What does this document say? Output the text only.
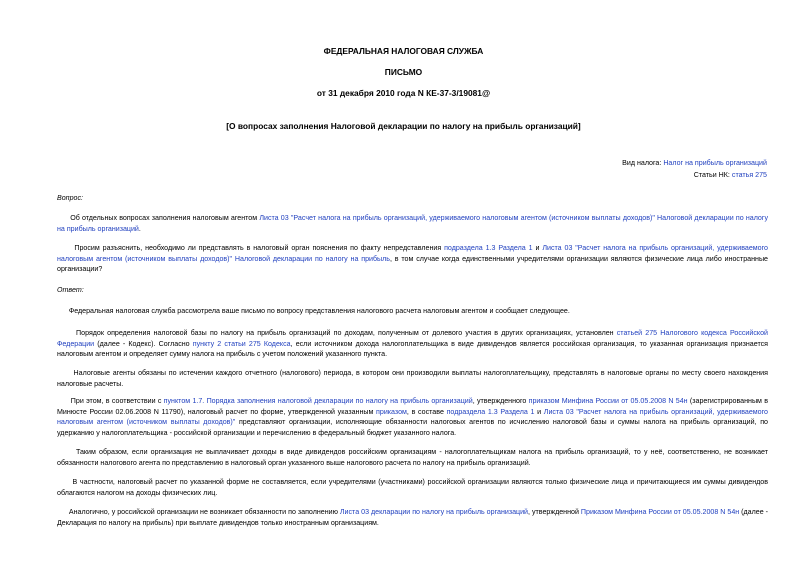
ФЕДЕРАЛЬНАЯ НАЛОГОВАЯ СЛУЖБА
ПИСЬМО
от 31 декабря 2010 года N КЕ-37-3/19081@
[О вопросах заполнения Налоговой декларации по налогу на прибыль организаций]
Вид налога: Налог на прибыль организаций
Статьи НК: статья 275
Вопрос:
Об отдельных вопросах заполнения налоговым агентом Листа 03 "Расчет налога на прибыль организаций, удерживаемого налоговым агентом (источником выплаты доходов)" Налоговой декларации по налогу на прибыль организаций.
Просим разъяснить, необходимо ли представлять в налоговый орган пояснения по факту непредставления подраздела 1.3 Раздела 1 и Листа 03 "Расчет налога на прибыль организаций, удерживаемого налоговым агентом (источником выплаты доходов)" Налоговой декларации по налогу на прибыль, в том случае когда единственными учредителями организации являются физические лица либо иностранные организации?
Ответ:
Федеральная налоговая служба рассмотрела ваше письмо по вопросу представления налогового расчета налоговым агентом и сообщает следующее.
Порядок определения налоговой базы по налогу на прибыль организаций по доходам, полученным от долевого участия в других организациях, установлен статьей 275 Налогового кодекса Российской Федерации (далее - Кодекс). Согласно пункту 2 статьи 275 Кодекса, если источником дохода налогоплательщика в виде дивидендов является российская организация, то указанная организация признается налоговым агентом и определяет сумму налога на прибыль с учетом положений указанного пункта.
Налоговые агенты обязаны по истечении каждого отчетного (налогового) периода, в котором они производили выплаты налогоплательщику, представлять в налоговые органы по месту своего нахождения налоговые расчеты.
При этом, в соответствии с пунктом 1.7. Порядка заполнения налоговой декларации по налогу на прибыль организаций, утвержденного приказом Минфина России от 05.05.2008 N 54н (зарегистрированным в Минюсте России 02.06.2008 N 11790), налоговый расчет по форме, утвержденной указанным приказом, в составе подраздела 1.3 Раздела 1 и Листа 03 "Расчет налога на прибыль организаций, удерживаемого налоговым агентом (источником выплаты доходов)" представляют организации, исполняющие обязанности налоговых агентов по исчислению налоговой базы и суммы налога на прибыль организаций, по удержанию у налогоплательщика - российской организации и перечислению в федеральный бюджет указанного налога.
Таким образом, если организация не выплачивает доходы в виде дивидендов российским организациям - налогоплательщикам налога на прибыль организаций, то у неё, соответственно, не возникает обязанности налогового агента по представлению в налоговый орган указанного выше налогового расчета по налогу на прибыль организаций.
В частности, налоговый расчет по указанной форме не составляется, если учредителями (участниками) российской организации являются только физические лица и причитающиеся им суммы дивидендов облагаются налогом на доходы физических лиц.
Аналогично, у российской организации не возникает обязанности по заполнению Листа 03 декларации по налогу на прибыль организаций, утвержденной Приказом Минфина России от 05.05.2008 N 54н (далее - Декларация по налогу на прибыль) при выплате дивидендов только иностранным организациям.
